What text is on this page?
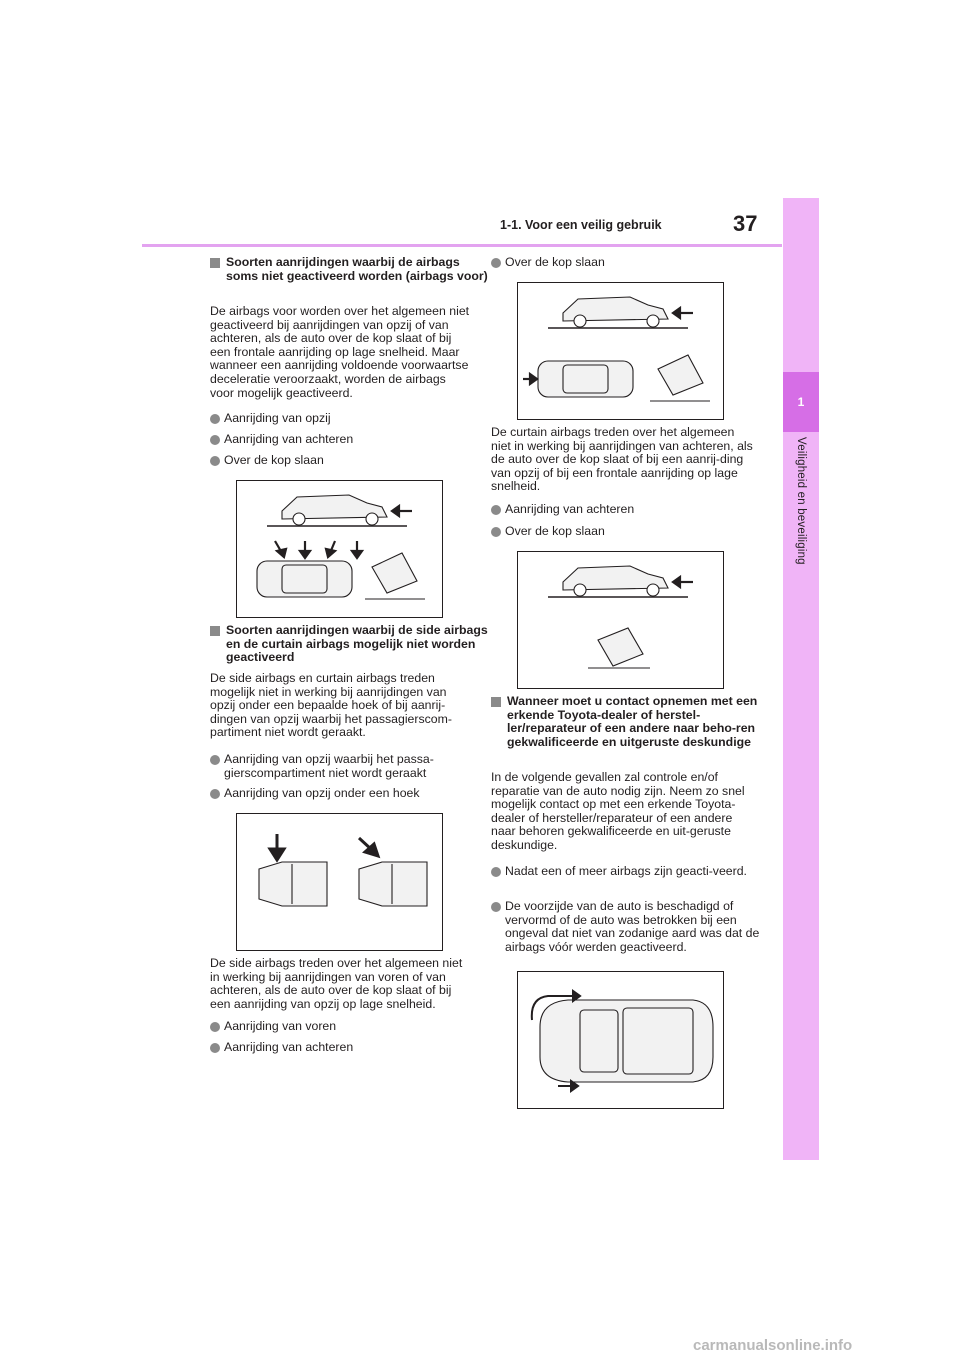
1-1. Voor een veilig gebruik	37
1
Veiligheid en beveiliging
Soorten aanrijdingen waarbij de airbags soms niet geactiveerd worden (airbags voor)
De airbags voor worden over het algemeen niet geactiveerd bij aanrijdingen van opzij of van achteren, als de auto over de kop slaat of bij een frontale aanrijding op lage snelheid. Maar wanneer een aanrijding voldoende voorwaartse deceleratie veroorzaakt, worden de airbags voor mogelijk geactiveerd.
Aanrijding van opzij
Aanrijding van achteren
Over de kop slaan
Soorten aanrijdingen waarbij de side airbags en de curtain airbags mogelijk niet worden geactiveerd
De side airbags en curtain airbags treden mogelijk niet in werking bij aanrijdingen van opzij onder een bepaalde hoek of bij aanrij-dingen van opzij waarbij het passagierscom-partiment niet wordt geraakt.
Aanrijding van opzij waarbij het passa-gierscompartiment niet wordt geraakt
Aanrijding van opzij onder een hoek
De side airbags treden over het algemeen niet in werking bij aanrijdingen van voren of van achteren, als de auto over de kop slaat of bij een aanrijding van opzij op lage snelheid.
Aanrijding van voren
Aanrijding van achteren
Over de kop slaan
De curtain airbags treden over het algemeen niet in werking bij aanrijdingen van achteren, als de auto over de kop slaat of bij een aanrij-ding van opzij of bij een frontale aanrijding op lage snelheid.
Aanrijding van achteren
Over de kop slaan
Wanneer moet u contact opnemen met een erkende Toyota-dealer of herstel-ler/reparateur of een andere naar beho-ren gekwalificeerde en uitgeruste deskundige
In de volgende gevallen zal controle en/of reparatie van de auto nodig zijn. Neem zo snel mogelijk contact op met een erkende Toyota-dealer of hersteller/reparateur of een andere naar behoren gekwalificeerde en uit-geruste deskundige.
Nadat een of meer airbags zijn geacti-veerd.
De voorzijde van de auto is beschadigd of vervormd of de auto was betrokken bij een ongeval dat niet van zodanige aard was dat de airbags vóór werden geactiveerd.
carmanualsonline.info
